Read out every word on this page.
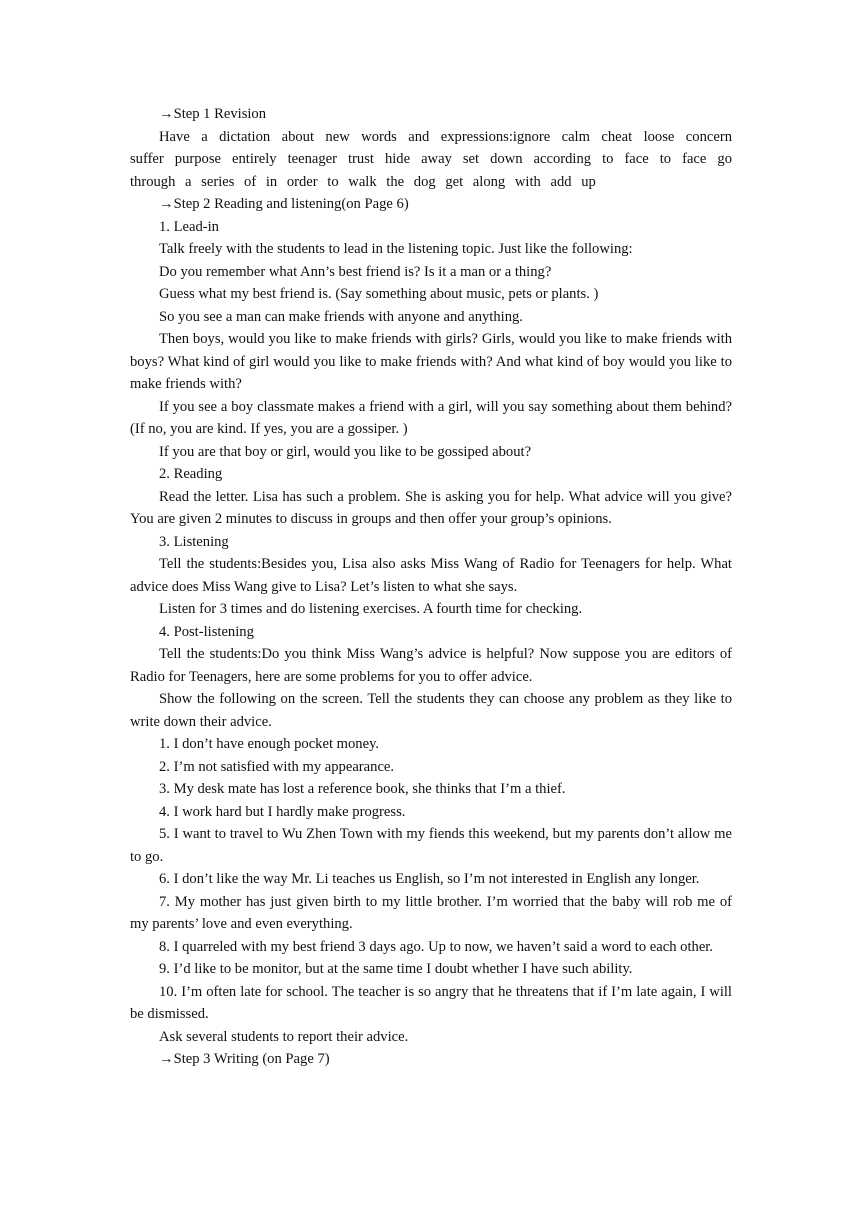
→Step 1 Revision

Have a dictation about new words and expressions:ignore calm cheat loose concern suffer purpose entirely teenager trust hide away set down according to face to face go through a series of in order to walk the dog get along with add up

→Step 2 Reading and listening(on Page 6)

1. Lead-in

Talk freely with the students to lead in the listening topic. Just like the following:

Do you remember what Ann’s best friend is? Is it a man or a thing?

Guess what my best friend is. (Say something about music, pets or plants. )

So you see a man can make friends with anyone and anything.

Then boys, would you like to make friends with girls? Girls, would you like to make friends with boys? What kind of girl would you like to make friends with? And what kind of boy would you like to make friends with?

If you see a boy classmate makes a friend with a girl, will you say something about them behind? (If no, you are kind. If yes, you are a gossiper. )

If you are that boy or girl, would you like to be gossiped about?

2. Reading

Read the letter. Lisa has such a problem. She is asking you for help. What advice will you give? You are given 2 minutes to discuss in groups and then offer your group’s opinions.

3. Listening

Tell the students:Besides you, Lisa also asks Miss Wang of Radio for Teenagers for help. What advice does Miss Wang give to Lisa? Let’s listen to what she says.

Listen for 3 times and do listening exercises. A fourth time for checking.

4. Post-listening

Tell the students:Do you think Miss Wang’s advice is helpful? Now suppose you are editors of Radio for Teenagers, here are some problems for you to offer advice.

Show the following on the screen. Tell the students they can choose any problem as they like to write down their advice.

1. I don’t have enough pocket money.

2. I’m not satisfied with my appearance.

3. My desk mate has lost a reference book, she thinks that I’m a thief.

4. I work hard but I hardly make progress.

5. I want to travel to Wu Zhen Town with my fiends this weekend, but my parents don’t allow me to go.

6. I don’t like the way Mr. Li teaches us English, so I’m not interested in English any longer.

7. My mother has just given birth to my little brother. I’m worried that the baby will rob me of my parents’ love and even everything.

8. I quarreled with my best friend 3 days ago. Up to now, we haven’t said a word to each other.

9. I’d like to be monitor, but at the same time I doubt whether I have such ability.

10. I’m often late for school. The teacher is so angry that he threatens that if I’m late again, I will be dismissed.

Ask several students to report their advice.

→Step 3 Writing (on Page 7)
